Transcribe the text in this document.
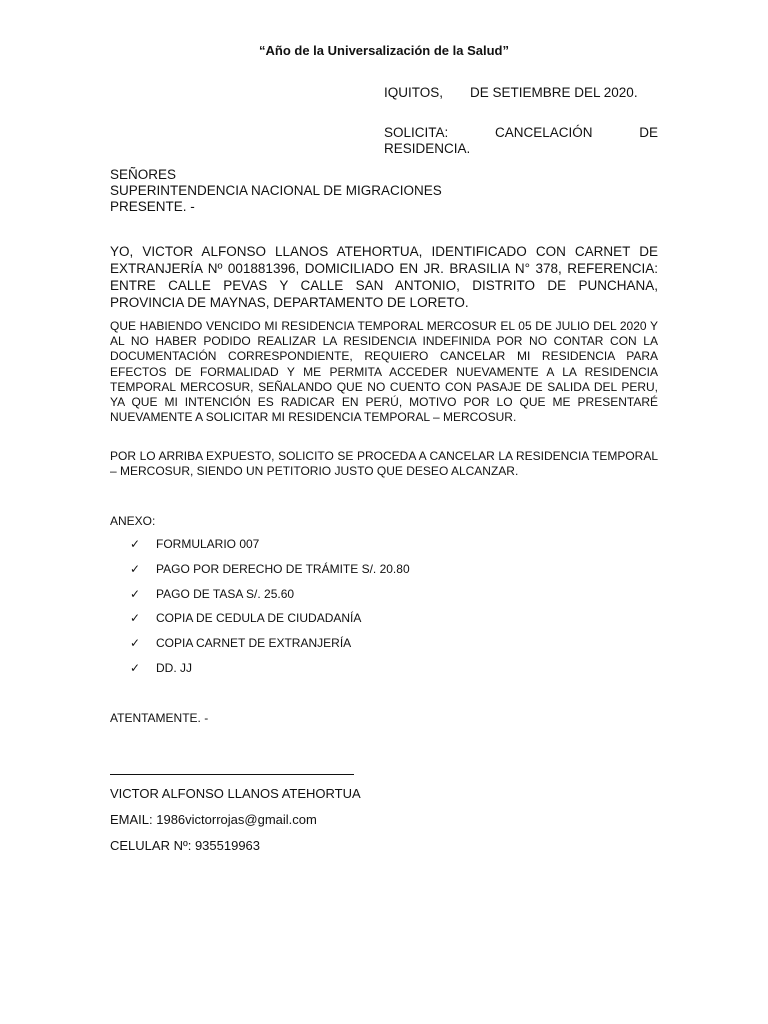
“Año de la Universalización de la Salud”
IQUITOS, DE SETIEMBRE DEL 2020.
SOLICITA:	CANCELACIÓN	DE
RESIDENCIA.
SEÑORES
SUPERINTENDENCIA NACIONAL DE MIGRACIONES
PRESENTE. -
YO, VICTOR ALFONSO LLANOS ATEHORTUA, IDENTIFICADO CON CARNET DE EXTRANJERÍA Nº 001881396, DOMICILIADO EN JR. BRASILIA N° 378, REFERENCIA: ENTRE CALLE PEVAS Y CALLE SAN ANTONIO, DISTRITO DE PUNCHANA, PROVINCIA DE MAYNAS, DEPARTAMENTO DE LORETO.
QUE HABIENDO VENCIDO MI RESIDENCIA TEMPORAL MERCOSUR EL 05 DE JULIO DEL 2020 Y AL NO HABER PODIDO REALIZAR LA RESIDENCIA INDEFINIDA POR NO CONTAR CON LA DOCUMENTACIÓN CORRESPONDIENTE, REQUIERO CANCELAR MI RESIDENCIA PARA EFECTOS DE FORMALIDAD Y ME PERMITA ACCEDER NUEVAMENTE A LA RESIDENCIA TEMPORAL MERCOSUR, SEÑALANDO QUE NO CUENTO CON PASAJE DE SALIDA DEL PERU, YA QUE MI INTENCIÓN ES RADICAR EN PERÚ, MOTIVO POR LO QUE ME PRESENTARÉ NUEVAMENTE A SOLICITAR MI RESIDENCIA TEMPORAL – MERCOSUR.
POR LO ARRIBA EXPUESTO, SOLICITO SE PROCEDA A CANCELAR LA RESIDENCIA TEMPORAL – MERCOSUR, SIENDO UN PETITORIO JUSTO QUE DESEO ALCANZAR.
ANEXO:
✓	FORMULARIO 007
✓	PAGO POR DERECHO DE TRÁMITE S/. 20.80
✓	PAGO DE TASA S/. 25.60
✓	COPIA DE CEDULA DE CIUDADANÍA
✓	COPIA CARNET DE EXTRANJERÍA
✓	DD. JJ
ATENTAMENTE. -
VICTOR ALFONSO LLANOS ATEHORTUA
EMAIL: 1986victorrojas@gmail.com
CELULAR Nº: 935519963
